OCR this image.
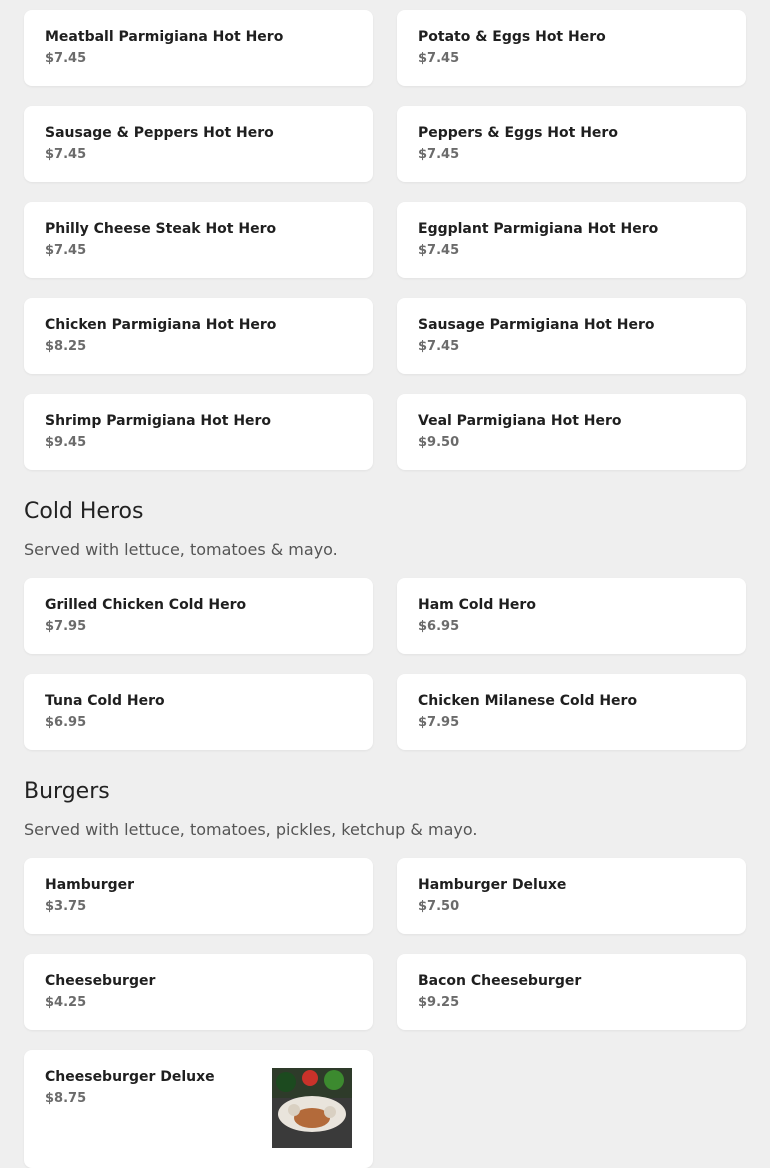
Meatball Parmigiana Hot Hero
$7.45
Potato & Eggs Hot Hero
$7.45
Sausage & Peppers Hot Hero
$7.45
Peppers & Eggs Hot Hero
$7.45
Philly Cheese Steak Hot Hero
$7.45
Eggplant Parmigiana Hot Hero
$7.45
Chicken Parmigiana Hot Hero
$8.25
Sausage Parmigiana Hot Hero
$7.45
Shrimp Parmigiana Hot Hero
$9.45
Veal Parmigiana Hot Hero
$9.50
Cold Heros
Served with lettuce, tomatoes & mayo.
Grilled Chicken Cold Hero
$7.95
Ham Cold Hero
$6.95
Tuna Cold Hero
$6.95
Chicken Milanese Cold Hero
$7.95
Burgers
Served with lettuce, tomatoes, pickles, ketchup & mayo.
Hamburger
$3.75
Hamburger Deluxe
$7.50
Cheeseburger
$4.25
Bacon Cheeseburger
$9.25
Cheeseburger Deluxe
$8.75
